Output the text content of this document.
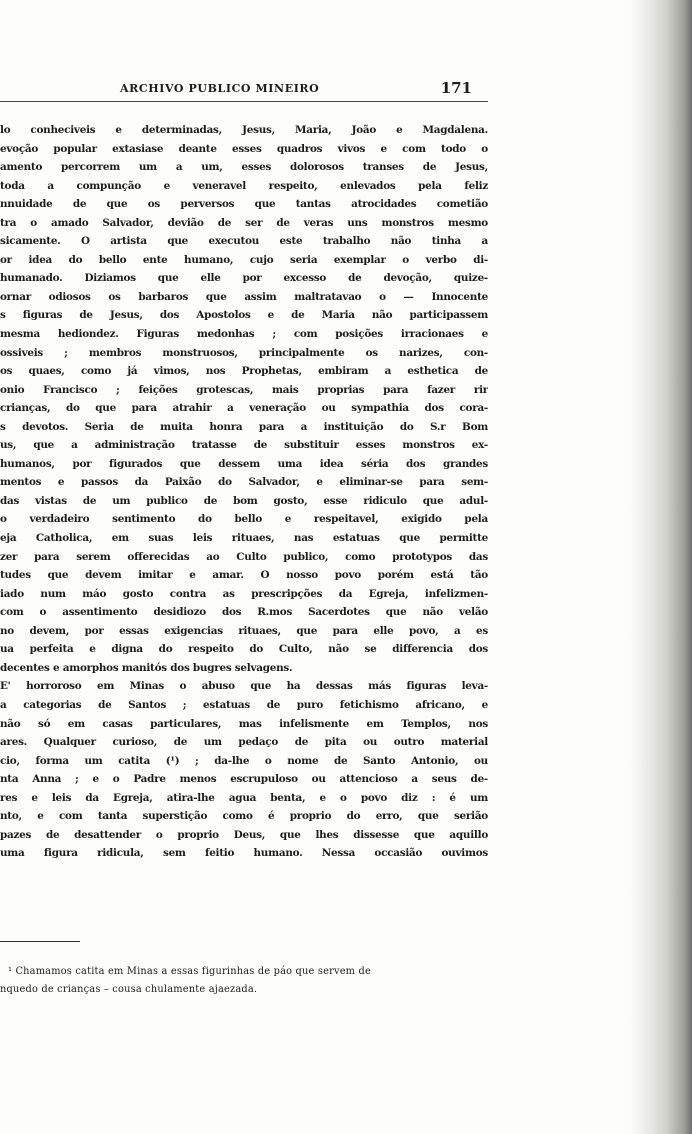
ARCHIVO PUBLICO MINEIRO	171
lo conheciveis e determinadas, Jesus, Maria, João e Magdalena.
evoção popular extasiase deante esses quadros vivos e com todo o
amento percorrem um a um, esses dolorosos transes de Jesus,
toda a compunção e veneravel respeito, enlevados pela feliz
nnuidade de que os perversos que tantas atrocidades cometião
tra o amado Salvador, devião de ser de veras uns monstros mesmo
sicamente. O artista que executou este trabalho não tinha a
or idea do bello ente humano, cujo seria exemplar o verbo di-
humanado. Diziamos que elle por excesso de devoção, quize-
ornar odiosos os barbaros que assim maltratavao o — Innocente
s figuras de Jesus, dos Apostolos e de Maria não participassem
mesma hediondez. Figuras medonhas ; com posições irracionaes e
ossiveis ; membros monstruosos, principalmente os narizes, con-
os quaes, como já vimos, nos Prophetas, embiram a esthetica de
onio Francisco ; feições grotescas, mais proprias para fazer rir
crianças, do que para atrahir a veneração ou sympathia dos cora-
s devotos. Seria de muita honra para a instituição do S.r Bom
us, que a administração tratasse de substituir esses monstros ex-
humanos, por figurados que dessem uma idea séria dos grandes
mentos e passos da Paixão do Salvador, e eliminar-se para sem-
das vistas de um publico de bom gosto, esse ridiculo que adul-
o verdadeiro sentimento do bello e respeitavel, exigido pela
eja Catholica, em suas leis rituaes, nas estatuas que permitte
zer para serem offerecidas ao Culto publico, como prototypos das
tudes que devem imitar e amar. O nosso povo porém está tão
iado num máo gosto contra as prescripções da Egreja, infelizmen-
com o assentimento desidiozo dos R.mos Sacerdotes que não velão
no devem, por essas exigencias rituaes, que para elle povo, a es
ua perfeita e digna do respeito do Culto, não se differencia dos
decentes e amorphos manitós dos bugres selvagens.
E' horroroso em Minas o abuso que ha dessas más figuras leva-
a categorias de Santos ; estatuas de puro fetichismo africano, e
não só em casas particulares, mas infelismente em Templos, nos
ares. Qualquer curioso, de um pedaço de pita ou outro material
cio, forma um catita (¹) ; da-lhe o nome de Santo Antonio, ou
nta Anna ; e o Padre menos escrupuloso ou attencioso a seus de-
res e leis da Egreja, atira-lhe agua benta, e o povo diz : é um
nto, e com tanta superstição como é proprio do erro, que serião
pazes de desattender o proprio Deus, que lhes dissesse que aquillo
uma figura ridicula, sem feitio humano. Nessa occasião ouvimos
¹ Chamamos catita em Minas a essas figurinhas de páo que servem de
nquedo de crianças – cousa chulamente ajaezada.
